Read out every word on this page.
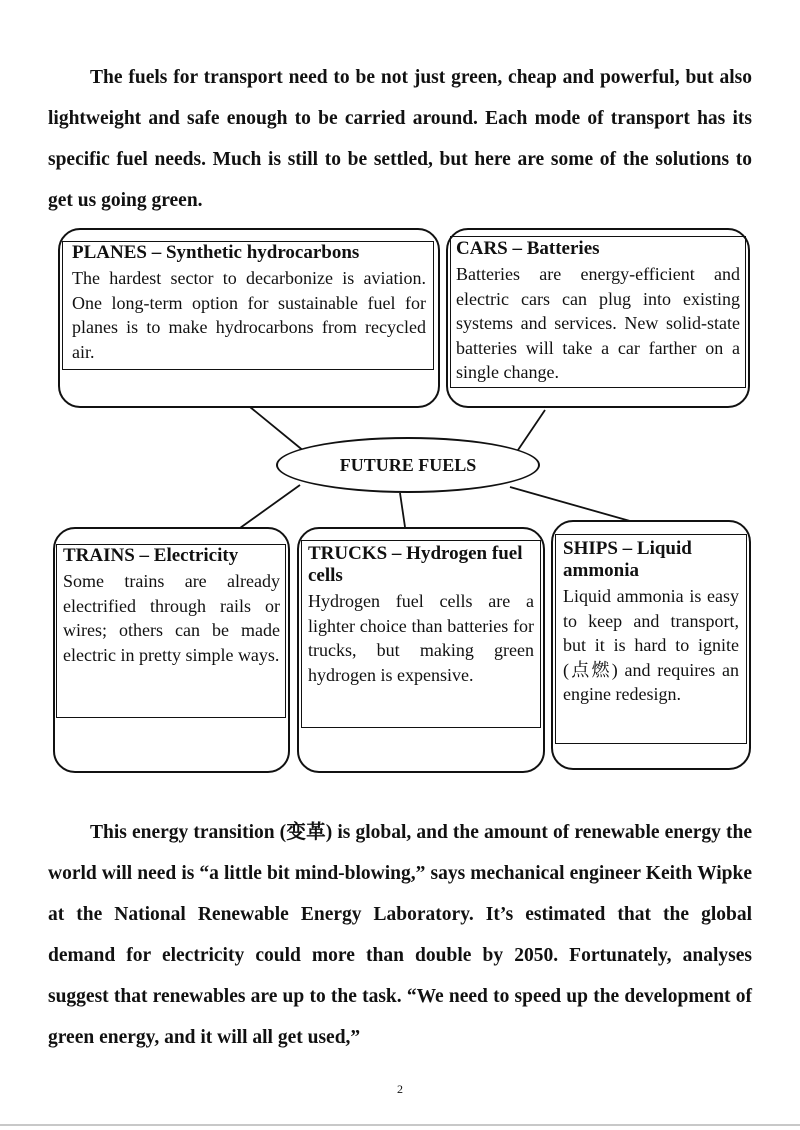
The fuels for transport need to be not just green, cheap and powerful, but also lightweight and safe enough to be carried around. Each mode of transport has its specific fuel needs. Much is still to be settled, but here are some of the solutions to get us going green.

PLANES – Synthetic hydrocarbons
The hardest sector to decarbonize is aviation. One long-term option for sustainable fuel for planes is to make hydrocarbons from recycled air.
CARS – Batteries
Batteries are energy-efficient and electric cars can plug into existing systems and services. New solid-state batteries will take a car farther on a single change.
FUTURE FUELS
TRAINS – Electricity
Some trains are already electrified through rails or wires; others can be made electric in pretty simple ways.
TRUCKS – Hydrogen fuel cells
Hydrogen fuel cells are a lighter choice than batteries for trucks, but making green hydrogen is expensive.
SHIPS – Liquid ammonia
Liquid ammonia is easy to keep and transport, but it is hard to ignite (点燃) and requires an engine redesign.

This energy transition (变革) is global, and the amount of renewable energy the world will need is “a little bit mind-blowing,” says mechanical engineer Keith Wipke at the National Renewable Energy Laboratory. It’s estimated that the global demand for electricity could more than double by 2050. Fortunately, analyses suggest that renewables are up to the task. “We need to speed up the development of green energy, and it will all get used,”

2
